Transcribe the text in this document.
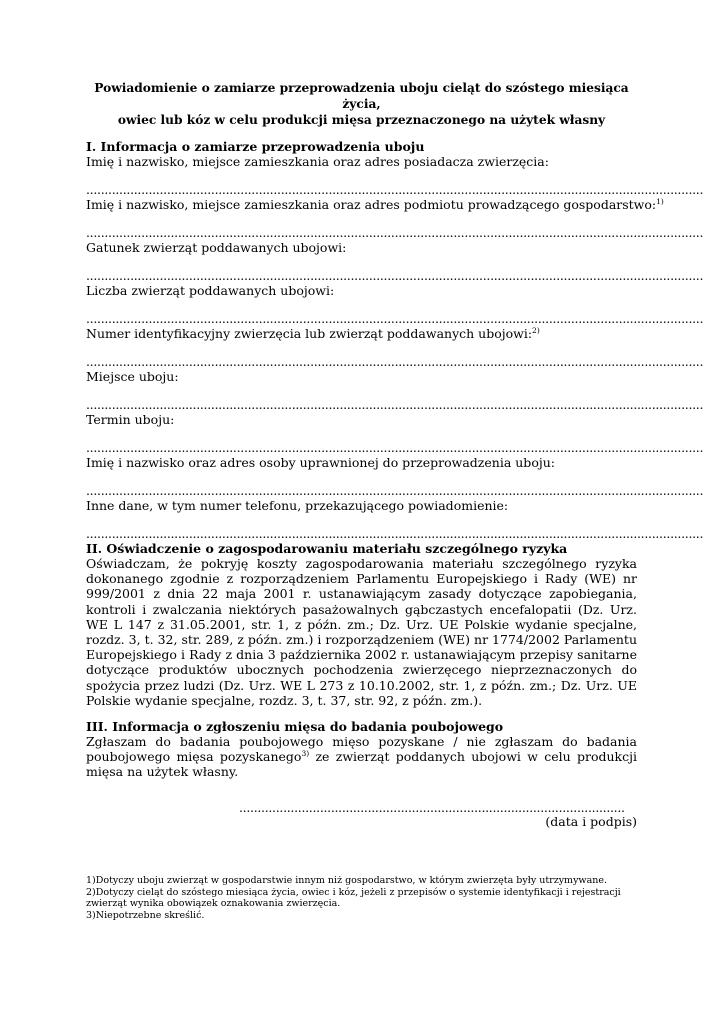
Powiadomienie o zamiarze przeprowadzenia uboju cieląt do szóstego miesiąca życia,

owiec lub kóz w celu produkcji mięsa przeznaczonego na użytek własny

I. Informacja o zamiarze przeprowadzenia uboju

Imię i nazwisko, miejsce zamieszkania oraz adres posiadacza zwierzęcia:

........................................................................................................................................................................

Imię i nazwisko, miejsce zamieszkania oraz adres podmiotu prowadzącego gospodarstwo:$^{1)}$

........................................................................................................................................................................

Gatunek zwierząt poddawanych ubojowi:

........................................................................................................................................................................

Liczba zwierząt poddawanych ubojowi:

........................................................................................................................................................................

Numer identyfikacyjny zwierzęcia lub zwierząt poddawanych ubojowi:$^{2)}$

........................................................................................................................................................................

Miejsce uboju:

........................................................................................................................................................................

Termin uboju:

........................................................................................................................................................................

Imię i nazwisko oraz adres osoby uprawnionej do przeprowadzenia uboju:

........................................................................................................................................................................

Inne dane, w tym numer telefonu, przekazującego powiadomienie:

........................................................................................................................................................................

II. Oświadczenie o zagospodarowaniu materiału szczególnego ryzyka

Oświadczam, że pokryję koszty zagospodarowania materiału szczególnego ryzyka dokonanego zgodnie z rozporządzeniem Parlamentu Europejskiego i Rady (WE) nr 999/2001 z dnia 22 maja 2001 r. ustanawiającym zasady dotyczące zapobiegania, kontroli i zwalczania niektórych pasażowalnych gąbczastych encefalopatii (Dz. Urz. WE L 147 z 31.05.2001, str. 1, z późn. zm.; Dz. Urz. UE Polskie wydanie specjalne, rozdz. 3, t. 32, str. 289, z późn. zm.) i rozporządzeniem (WE) nr 1774/2002 Parlamentu Europejskiego i Rady z dnia 3 października 2002 r. ustanawiającym przepisy sanitarne dotyczące produktów ubocznych pochodzenia zwierzęcego nieprzeznaczonych do spożycia przez ludzi (Dz. Urz. WE L 273 z 10.10.2002, str. 1, z późn. zm.; Dz. Urz. UE Polskie wydanie specjalne, rozdz. 3, t. 37, str. 92, z późn. zm.).

III. Informacja o zgłoszeniu mięsa do badania poubojowego

Zgłaszam do badania poubojowego mięso pozyskane / nie zgłaszam do badania poubojowego mięsa pozyskanego$^{3)}$ ze zwierząt poddanych ubojowi w celu produkcji mięsa na użytek własny.

.........................................................................................................
(data i podpis)

1)Dotyczy uboju zwierząt w gospodarstwie innym niż gospodarstwo, w którym zwierzęta były utrzymywane.

2)Dotyczy cieląt do szóstego miesiąca życia, owiec i kóz, jeżeli z przepisów o systemie identyfikacji i rejestracji zwierząt wynika obowiązek oznakowania zwierzęcia.

3)Niepotrzebne skreślić.
